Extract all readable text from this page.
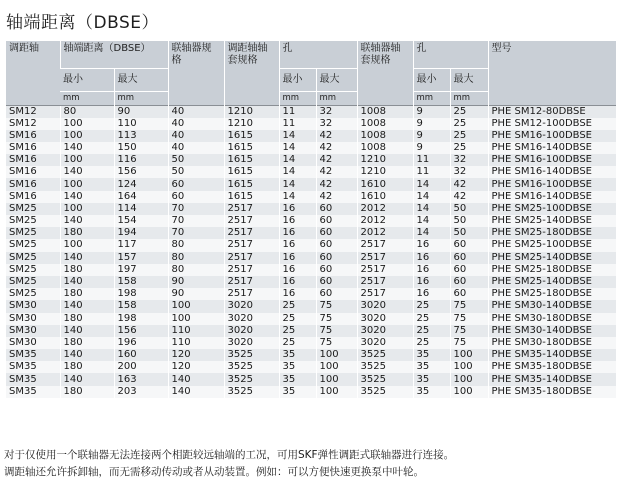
轴端距离（DBSE）
调距轴	轴端距离（DBSE）		联轴器规格	调距轴轴套规格	孔		联轴器轴套规格	孔		型号
	最小	最大			最小	最大		最小	最大	
	mm	mm			mm	mm		mm	mm	
SM12	80	90	40	1210	11	32	1008	9	25	PHE SM12-80DBSE
SM12	100	110	40	1210	11	32	1008	9	25	PHE SM12-100DBSE
SM16	100	113	40	1615	14	42	1008	9	25	PHE SM16-100DBSE
SM16	140	150	40	1615	14	42	1008	9	25	PHE SM16-140DBSE
SM16	100	116	50	1615	14	42	1210	11	32	PHE SM16-100DBSE
SM16	140	156	50	1615	14	42	1210	11	32	PHE SM16-140DBSE
SM16	100	124	60	1615	14	42	1610	14	42	PHE SM16-100DBSE
SM16	140	164	60	1615	14	42	1610	14	42	PHE SM16-140DBSE
SM25	100	114	70	2517	16	60	2012	14	50	PHE SM25-100DBSE
SM25	140	154	70	2517	16	60	2012	14	50	PHE SM25-140DBSE
SM25	180	194	70	2517	16	60	2012	14	50	PHE SM25-180DBSE
SM25	100	117	80	2517	16	60	2517	16	60	PHE SM25-100DBSE
SM25	140	157	80	2517	16	60	2517	16	60	PHE SM25-140DBSE
SM25	180	197	80	2517	16	60	2517	16	60	PHE SM25-180DBSE
SM25	140	158	90	2517	16	60	2517	16	60	PHE SM25-140DBSE
SM25	180	198	90	2517	16	60	2517	16	60	PHE SM25-180DBSE
SM30	140	158	100	3020	25	75	3020	25	75	PHE SM30-140DBSE
SM30	180	198	100	3020	25	75	3020	25	75	PHE SM30-180DBSE
SM30	140	156	110	3020	25	75	3020	25	75	PHE SM30-140DBSE
SM30	180	196	110	3020	25	75	3020	25	75	PHE SM30-180DBSE
SM35	140	160	120	3525	35	100	3525	35	100	PHE SM35-140DBSE
SM35	180	200	120	3525	35	100	3525	35	100	PHE SM35-180DBSE
SM35	140	163	140	3525	35	100	3525	35	100	PHE SM35-140DBSE
SM35	180	203	140	3525	35	100	3525	35	100	PHE SM35-180DBSE
对于仅使用一个联轴器无法连接两个相距较远轴端的工况，可用SKF弹性调距式联轴器进行连接。
调距轴还允许拆卸轴，而无需移动传动或者从动装置。例如：可以方便快速更换泵中叶轮。
